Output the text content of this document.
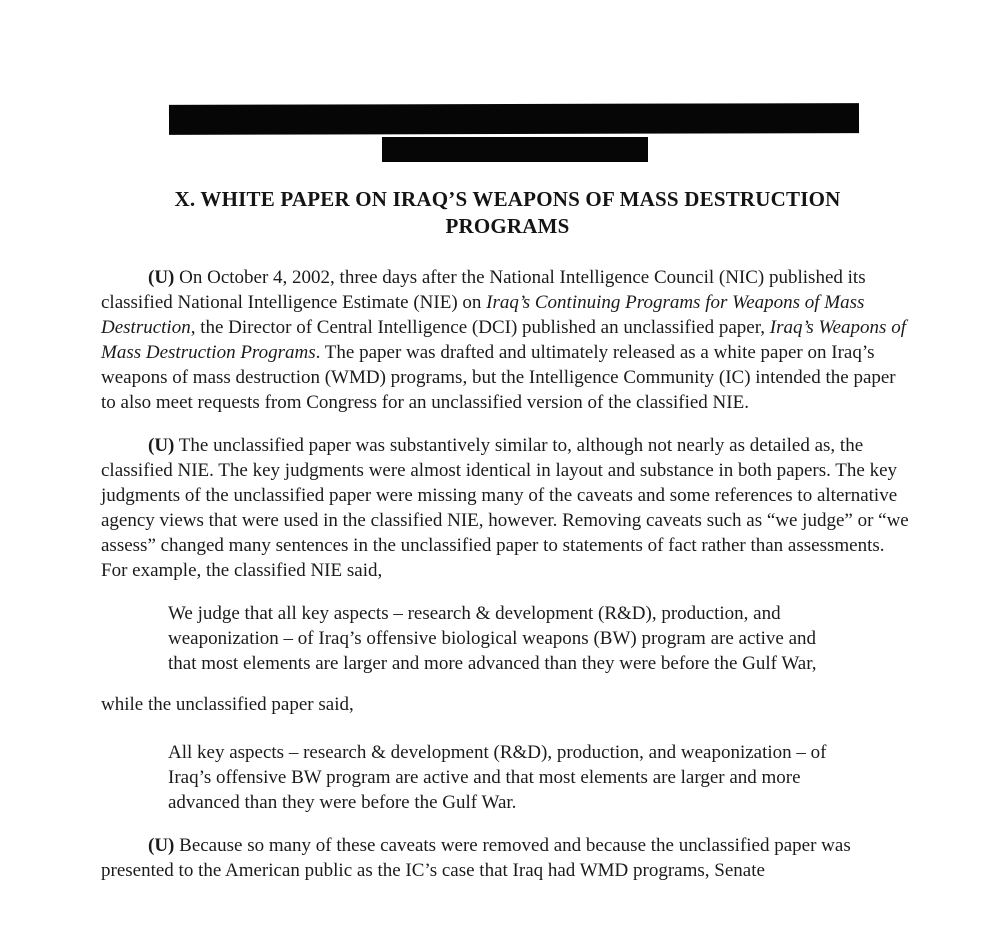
X. WHITE PAPER ON IRAQ’S WEAPONS OF MASS DESTRUCTION
PROGRAMS

(U) On October 4, 2002, three days after the National Intelligence Council (NIC) published its classified National Intelligence Estimate (NIE) on Iraq’s Continuing Programs for Weapons of Mass Destruction, the Director of Central Intelligence (DCI) published an unclassified paper, Iraq’s Weapons of Mass Destruction Programs. The paper was drafted and ultimately released as a white paper on Iraq’s weapons of mass destruction (WMD) programs, but the Intelligence Community (IC) intended the paper to also meet requests from Congress for an unclassified version of the classified NIE.

(U) The unclassified paper was substantively similar to, although not nearly as detailed as, the classified NIE. The key judgments were almost identical in layout and substance in both papers. The key judgments of the unclassified paper were missing many of the caveats and some references to alternative agency views that were used in the classified NIE, however. Removing caveats such as “we judge” or “we assess” changed many sentences in the unclassified paper to statements of fact rather than assessments. For example, the classified NIE said,

We judge that all key aspects – research & development (R&D), production, and weaponization – of Iraq’s offensive biological weapons (BW) program are active and that most elements are larger and more advanced than they were before the Gulf War,

while the unclassified paper said,

All key aspects – research & development (R&D), production, and weaponization – of Iraq’s offensive BW program are active and that most elements are larger and more advanced than they were before the Gulf War.

(U) Because so many of these caveats were removed and because the unclassified paper was presented to the American public as the IC’s case that Iraq had WMD programs, Senate
